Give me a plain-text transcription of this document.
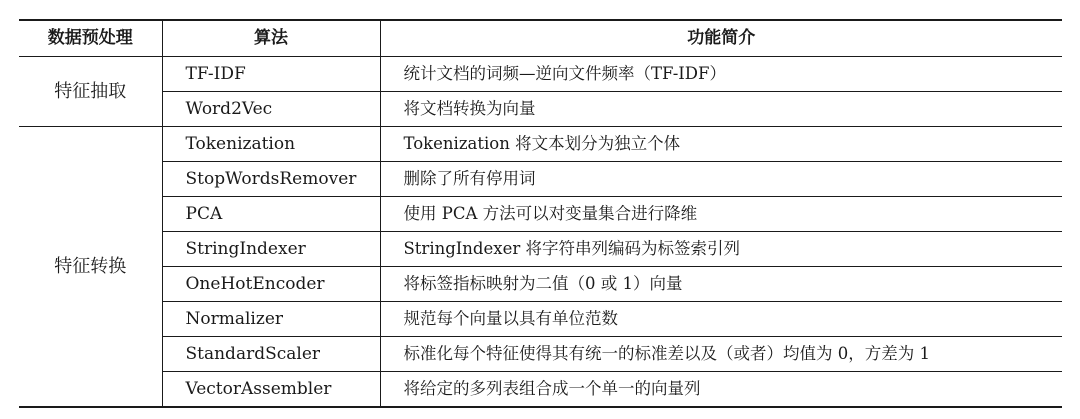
数据预处理	算法	功能简介
特征抽取	TF-IDF	统计文档的词频—逆向文件频率（TF-IDF）
	Word2Vec	将文档转换为向量
特征转换	Tokenization	Tokenization 将文本划分为独立个体
	StopWordsRemover	删除了所有停用词
	PCA	使用 PCA 方法可以对变量集合进行降维
	StringIndexer	StringIndexer 将字符串列编码为标签索引列
	OneHotEncoder	将标签指标映射为二值（0 或 1）向量
	Normalizer	规范每个向量以具有单位范数
	StandardScaler	标准化每个特征使得其有统一的标准差以及（或者）均值为 0，方差为 1
	VectorAssembler	将给定的多列表组合成一个单一的向量列
